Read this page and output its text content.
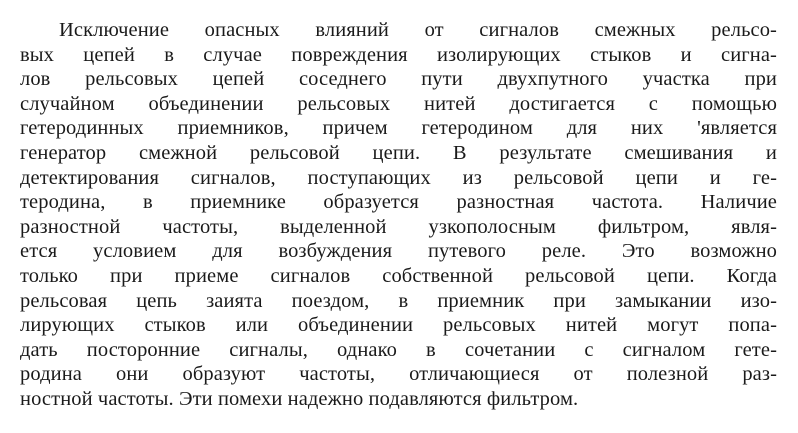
Исключение опасных влияний от сигналов смежных рельсо-
вых цепей в случае повреждения изолирующих стыков и сигна-
лов рельсовых цепей соседнего пути двухпутного участка при
случайном объединении рельсовых нитей достигается с помощью
гетеродинных приемников, причем гетеродином для них 'является
генератор смежной рельсовой цепи. В результате смешивания и
детектирования сигналов, поступающих из рельсовой цепи и ге-
теродина, в приемнике образуется разностная частота. Наличие
разностной частоты, выделенной узкополосным фильтром, явля-
ется условием для возбуждения путевого реле. Это возможно
только при приеме сигналов собственной рельсовой цепи. Когда
рельсовая цепь заията поездом, в приемник при замыкании изо-
лирующих стыков или объединении рельсовых нитей могут попа-
дать посторонние сигналы, однако в сочетании с сигналом гете-
родина они образуют частоты, отличающиеся от полезной раз-
ностной частоты. Эти помехи надежно подавляются фильтром.
